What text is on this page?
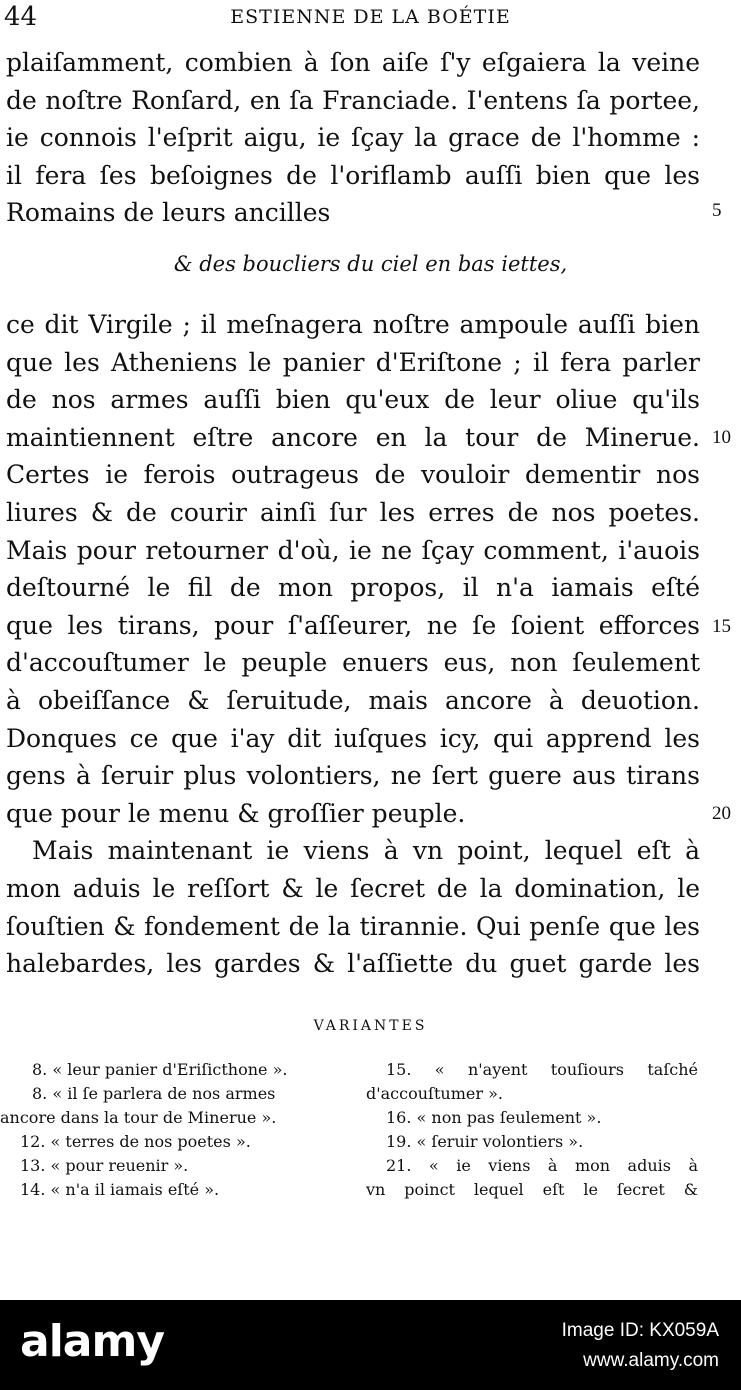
44	ESTIENNE DE LA BOÉTIE
plaiſamment, combien à ſon aiſe ſ'y eſgaiera la veine
de noſtre Ronſard, en ſa Franciade. I'entens ſa portee,
ie connois l'eſprit aigu, ie ſçay la grace de l'homme :
il fera ſes beſoignes de l'oriflamb auſſi bien que les
Romains de leurs ancilles
& des boucliers du ciel en bas iettes,
ce dit Virgile ; il meſnagera noſtre ampoule auſſi bien
que les Atheniens le panier d'Eriſtone ; il fera parler
de nos armes auſſi bien qu'eux de leur oliue qu'ils
maintiennent eſtre ancore en la tour de Minerue.
Certes ie ferois outrageus de vouloir dementir nos
liures & de courir ainſi ſur les erres de nos poetes.
Mais pour retourner d'où, ie ne ſçay comment, i'auois
deſtourné le fil de mon propos, il n'a iamais eſté
que les tirans, pour ſ'aſſeurer, ne ſe ſoient efforces
d'accouſtumer le peuple enuers eus, non ſeulement
à obeiſſance & ſeruitude, mais ancore à deuotion.
Donques ce que i'ay dit iuſques icy, qui apprend les
gens à ſeruir plus volontiers, ne ſert guere aus tirans
que pour le menu & groſſier peuple.
Mais maintenant ie viens à vn point, lequel eſt à
mon aduis le reſſort & le ſecret de la domination, le
ſouſtien & fondement de la tirannie. Qui penſe que les
halebardes, les gardes & l'aſſiette du guet garde les
5
10
15
20
VARIANTES
8. « leur panier d'Eriſicthone ».
8. « il ſe parlera de nos armes
ancore dans la tour de Minerue ».
12. « terres de nos poetes ».
13. « pour reuenir ».
14. « n'a il iamais eſté ».
15. « n'ayent touſiours taſché
d'accouſtumer ».
16. « non pas ſeulement ».
19. « ſeruir volontiers ».
21. « ie viens à mon aduis à
vn poinct lequel eſt le ſecret &
alamy	Image ID: KX059A
www.alamy.com
